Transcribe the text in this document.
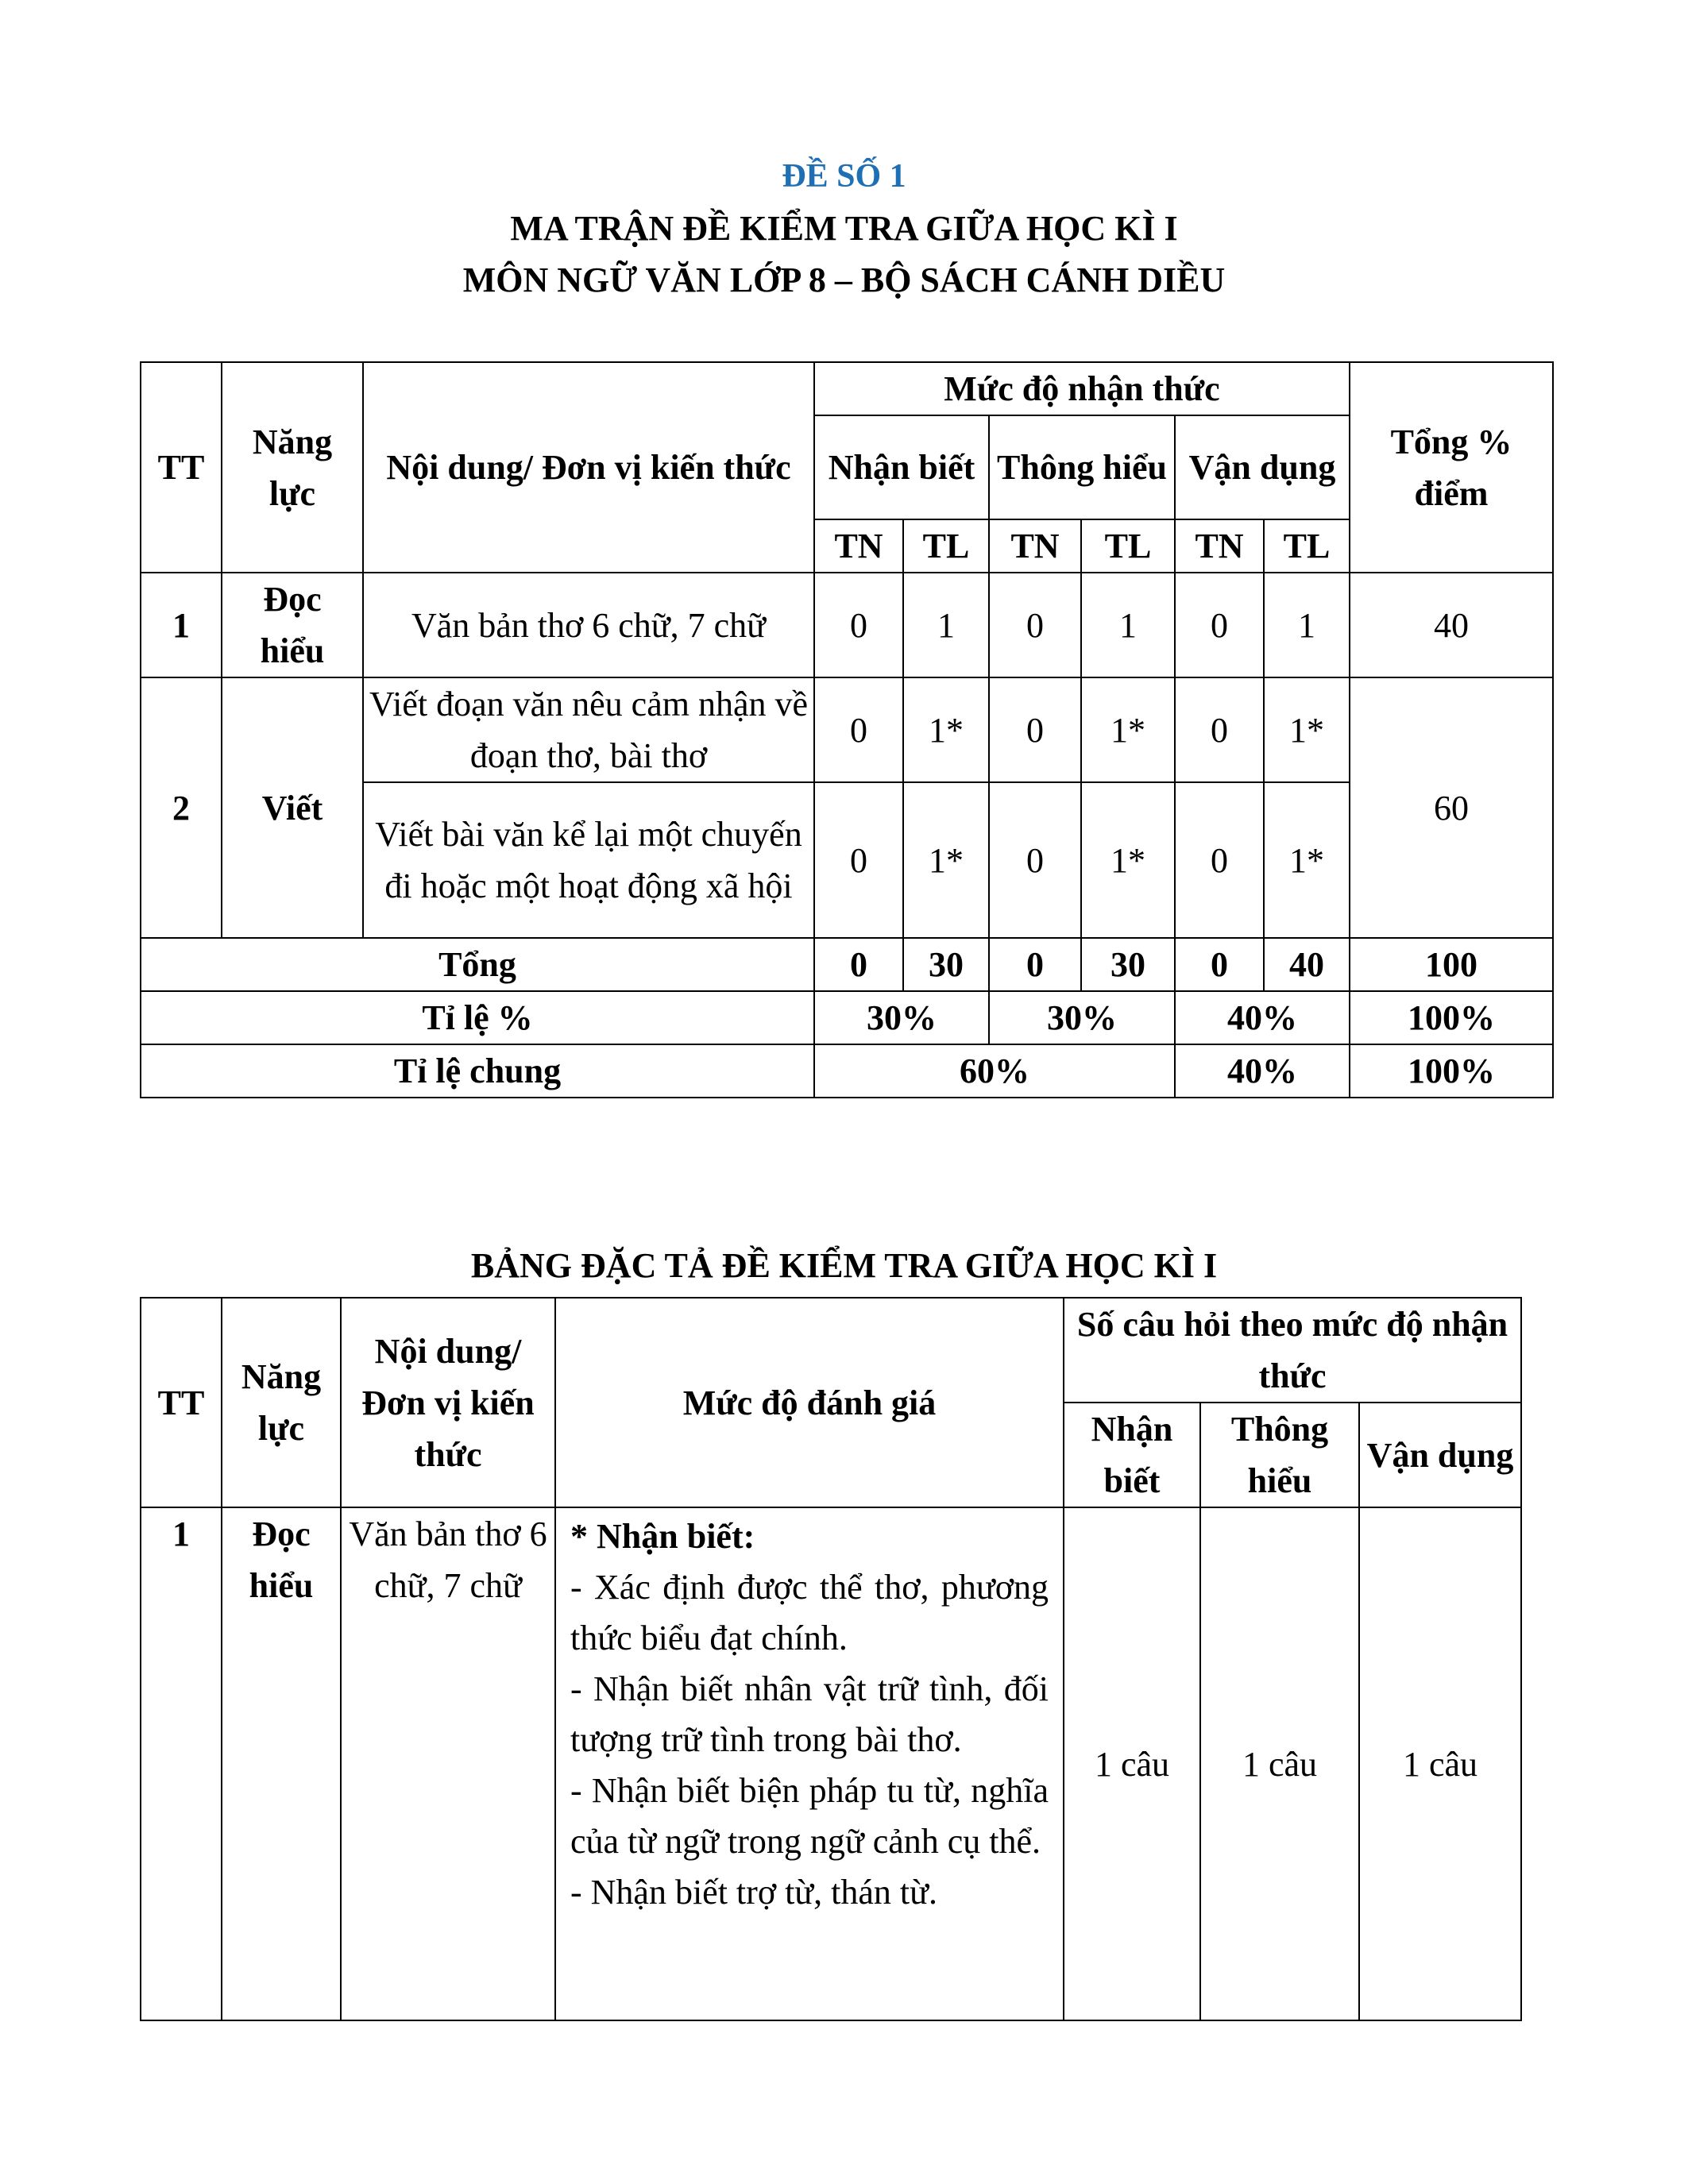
ĐỀ SỐ 1
MA TRẬN ĐỀ KIỂM TRA GIỮA HỌC KÌ I
MÔN NGỮ VĂN LỚP 8 – BỘ SÁCH CÁNH DIỀU
TT	Năng lực	Nội dung/ Đơn vị kiến thức	Mức độ nhận thức						Tổng % điểm
			Nhận biết		Thông hiểu		Vận dụng		
			TN	TL	TN	TL	TN	TL	
1	Đọc hiểu	Văn bản thơ 6 chữ, 7 chữ	0	1	0	1	0	1	40
2	Viết	Viết đoạn văn nêu cảm nhận về đoạn thơ, bài thơ	0	1*	0	1*	0	1*	60
		Viết bài văn kể lại một chuyến đi hoặc một hoạt động xã hội	0	1*	0	1*	0	1*	
Tổng			0	30	0	30	0	40	100
Tỉ lệ %			30%		30%		40%		100%
Tỉ lệ chung			60%				40%		100%
BẢNG ĐẶC TẢ ĐỀ KIỂM TRA GIỮA HỌC KÌ I
TT	Năng lực	Nội dung/ Đơn vị kiến thức	Mức độ đánh giá	Số câu hỏi theo mức độ nhận thức		
				Nhận biết	Thông hiểu	Vận dụng
1	Đọc hiểu	Văn bản thơ 6 chữ, 7 chữ	* Nhận biết:
- Xác định được thể thơ, phương thức biểu đạt chính.
- Nhận biết nhân vật trữ tình, đối tượng trữ tình trong bài thơ.
- Nhận biết biện pháp tu từ, nghĩa của từ ngữ trong ngữ cảnh cụ thể.
- Nhận biết trợ từ, thán từ.	1 câu	1 câu	1 câu
